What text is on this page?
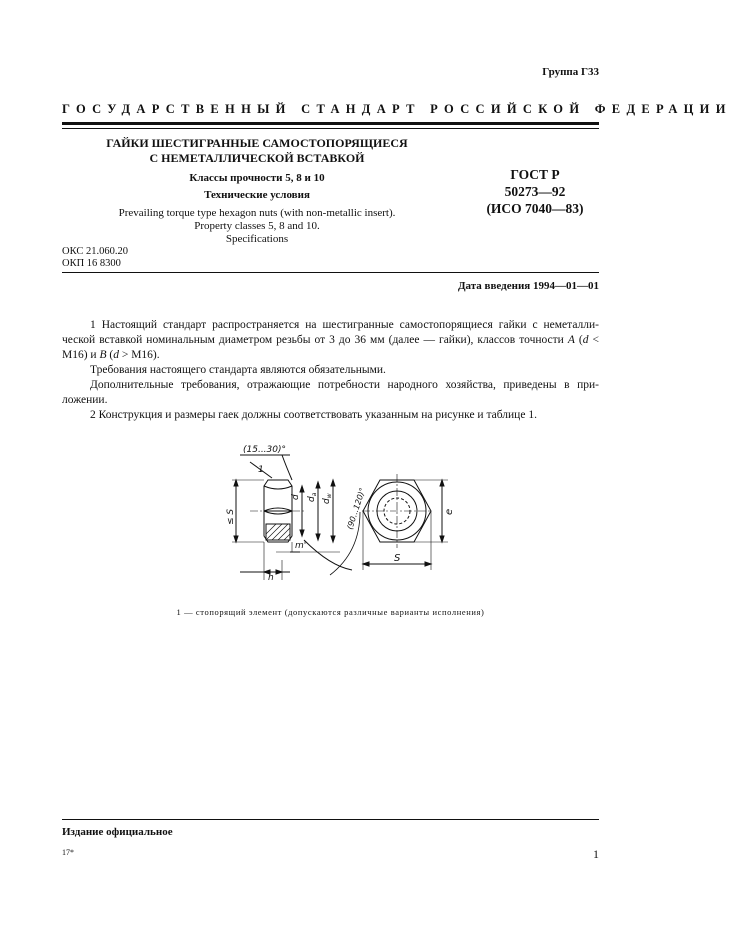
Группа Г33
ГОСУДАРСТВЕННЫЙ СТАНДАРТ РОССИЙСКОЙ ФЕДЕРАЦИИ
ГАЙКИ ШЕСТИГРАННЫЕ САМОСТОПОРЯЩИЕСЯ
С НЕМЕТАЛЛИЧЕСКОЙ ВСТАВКОЙ
Классы прочности 5, 8 и 10
Технические условия
Prevailing torque type hexagon nuts (with non-metallic insert).
Property classes 5, 8 and 10.
Specifications
ГОСТ Р
50273—92
(ИСО 7040—83)
ОКС 21.060.20
ОКП 16 8300
Дата введения 1994—01—01

1 Настоящий стандарт распространяется на шестигранные самостопорящиеся гайки с неметалли-ческой вставкой номинальным диаметром резьбы от 3 до 36 мм (далее — гайки), классов точности A (d < М16) и B (d > М16).

Требования настоящего стандарта являются обязательными.

Дополнительные требования, отражающие потребности народного хозяйства, приведены в при-ложении.

2 Конструкция и размеры гаек должны соответствовать указанным на рисунке и таблице 1.

(15...30)°
1
≤ S
d $d_a$
$d_w$ (90...120)°
m'
h
S
e
1 — стопорящий элемент (допускаются различные варианты исполнения)
Издание официальное
17*	1
